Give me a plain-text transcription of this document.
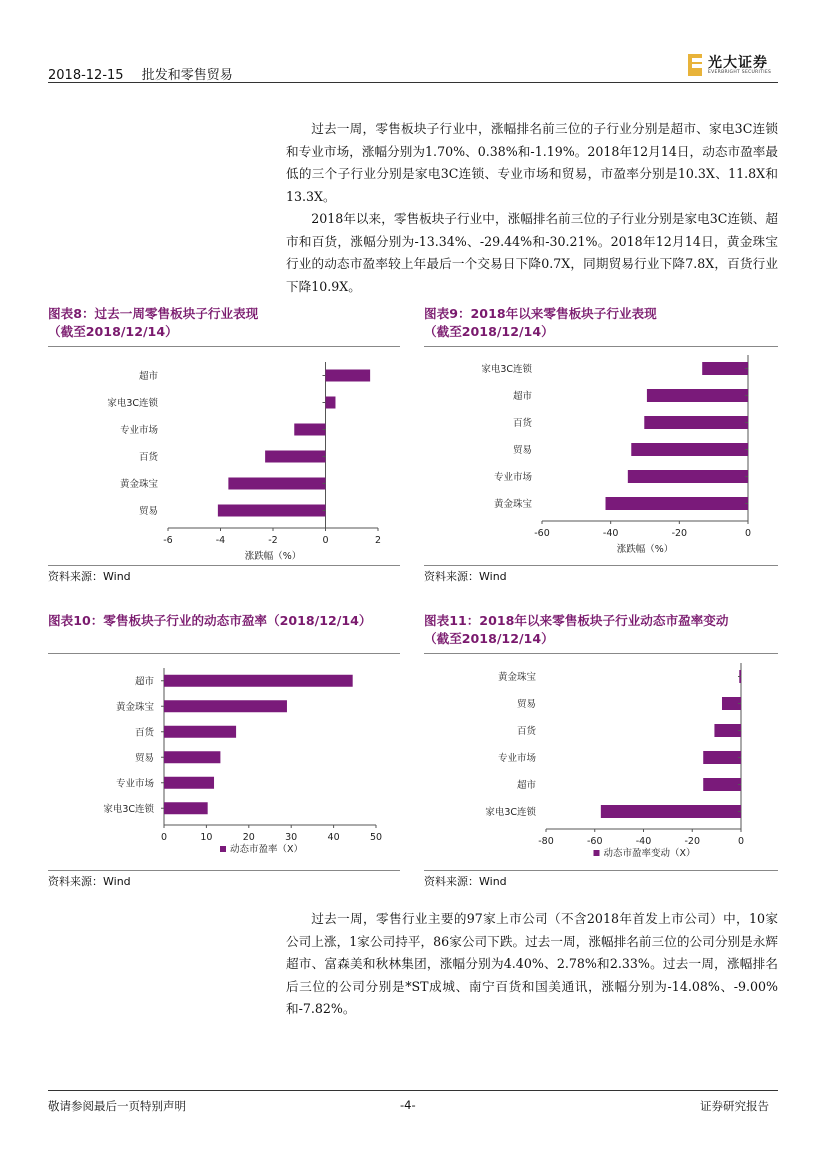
2018-12-15 批发和零售贸易
光大证券
EVERBRIGHT SECURITIES

过去一周，零售板块子行业中，涨幅排名前三位的子行业分别是超市、家电3C连锁和专业市场，涨幅分别为1.70%、0.38%和-1.19%。2018年12月14日，动态市盈率最低的三个子行业分别是家电3C连锁、专业市场和贸易，市盈率分别是10.3X、11.8X和13.3X。

2018年以来，零售板块子行业中，涨幅排名前三位的子行业分别是家电3C连锁、超市和百货，涨幅分别为-13.34%、-29.44%和-30.21%。2018年12月14日，黄金珠宝行业的动态市盈率较上年最后一个交易日下降0.7X，同期贸易行业下降7.8X，百货行业下降10.9X。

图表8：过去一周零售板块子行业表现
（截至2018/12/14）
图表9：2018年以来零售板块子行业表现
（截至2018/12/14）
超市
家电3C连锁
专业市场
百货
黄金珠宝
贸易
-6	-4	-2	0	2
涨跌幅（%）
家电3C连锁
超市
百货
贸易
专业市场
黄金珠宝
-60	-40	-20	0
涨跌幅（%）
资料来源：Wind	资料来源：Wind
图表10：零售板块子行业的动态市盈率（2018/12/14）	图表11：2018年以来零售板块子行业动态市盈率变动
（截至2018/12/14）
超市
黄金珠宝
百货
贸易
专业市场
家电3C连锁
0	10	20	30	40	50
动态市盈率（X）
黄金珠宝
贸易
百货
专业市场
超市
家电3C连锁
-80	-60	-40	-20	0
动态市盈率变动（X）
资料来源：Wind	资料来源：Wind

过去一周，零售行业主要的97家上市公司（不含2018年首发上市公司）中，10家公司上涨，1家公司持平，86家公司下跌。过去一周，涨幅排名前三位的公司分别是永辉超市、富森美和秋林集团，涨幅分别为4.40%、2.78%和2.33%。过去一周，涨幅排名后三位的公司分别是*ST成城、南宁百货和国美通讯，涨幅分别为-14.08%、-9.00%和-7.82%。

敬请参阅最后一页特别声明	-4-	证券研究报告
